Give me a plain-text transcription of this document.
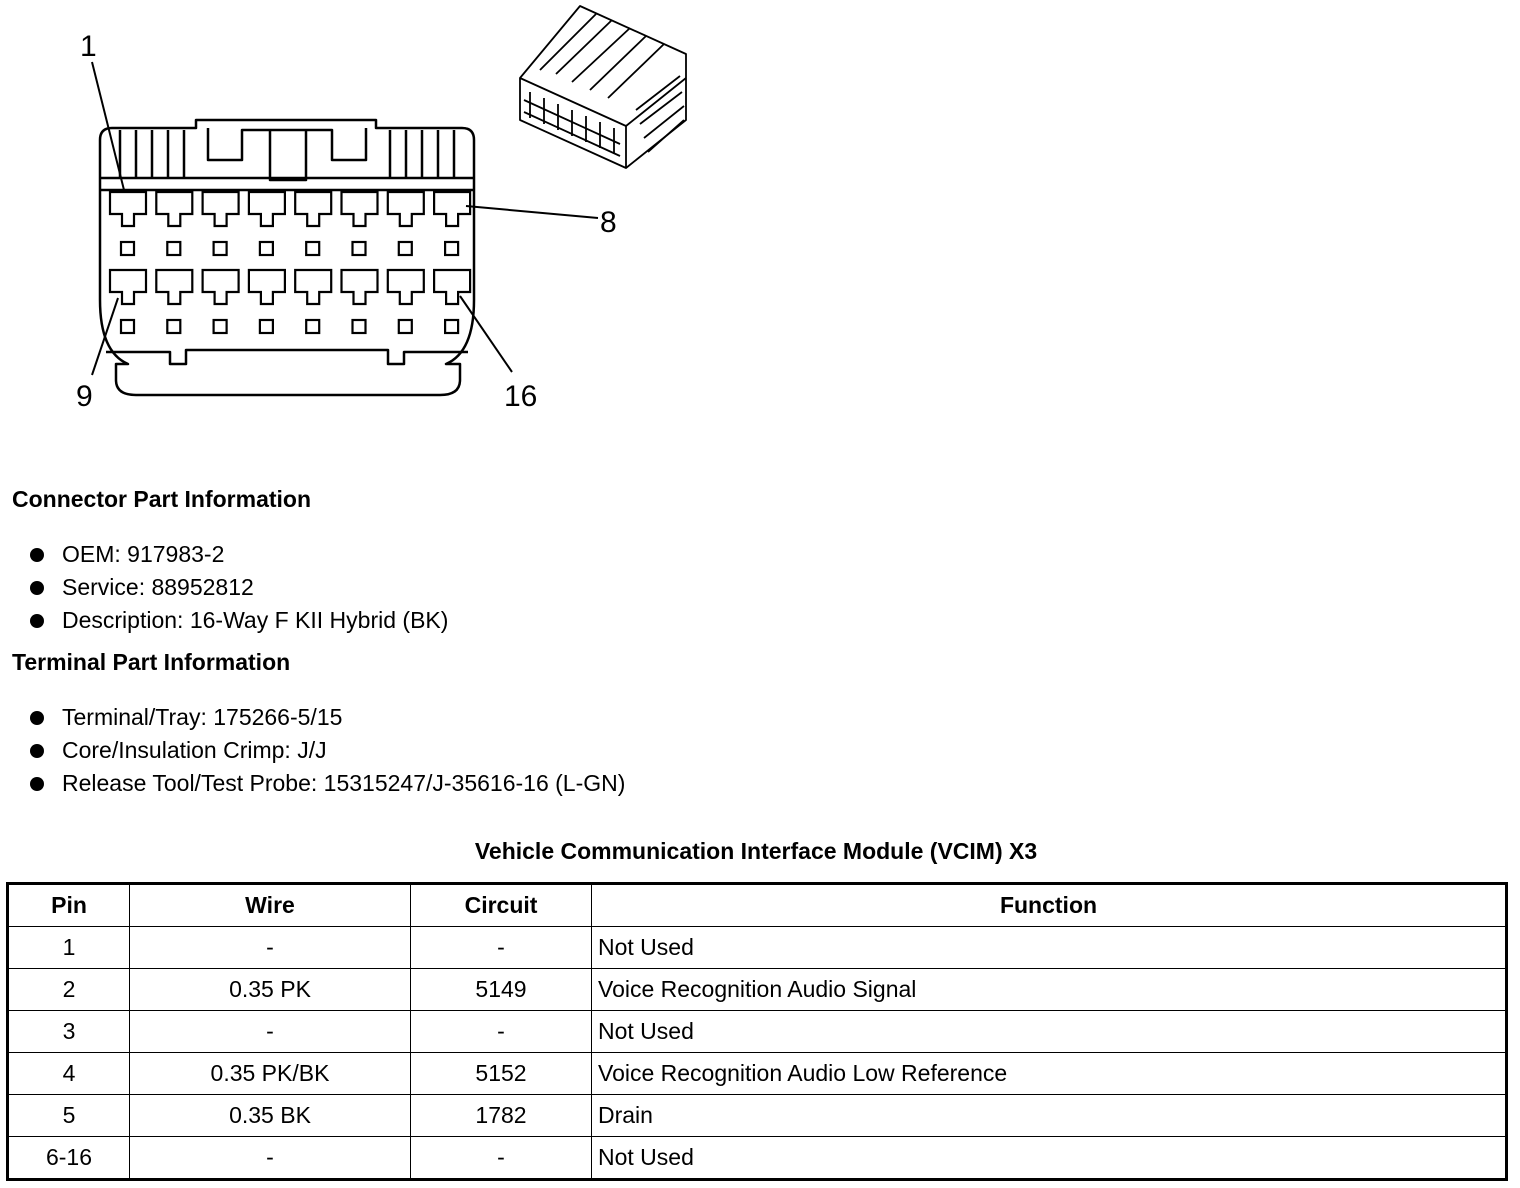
1
8
9	16
Connector Part Information
OEM: 917983-2
Service: 88952812
Description: 16-Way F KII Hybrid (BK)
Terminal Part Information
Terminal/Tray: 175266-5/15
Core/Insulation Crimp: J/J
Release Tool/Test Probe: 15315247/J-35616-16 (L-GN)
Vehicle Communication Interface Module (VCIM) X3
Pin	Wire	Circuit	Function
1	-	-	Not Used
2	0.35 PK	5149	Voice Recognition Audio Signal
3	-	-	Not Used
4	0.35 PK/BK	5152	Voice Recognition Audio Low Reference
5	0.35 BK	1782	Drain
6-16	-	-	Not Used
